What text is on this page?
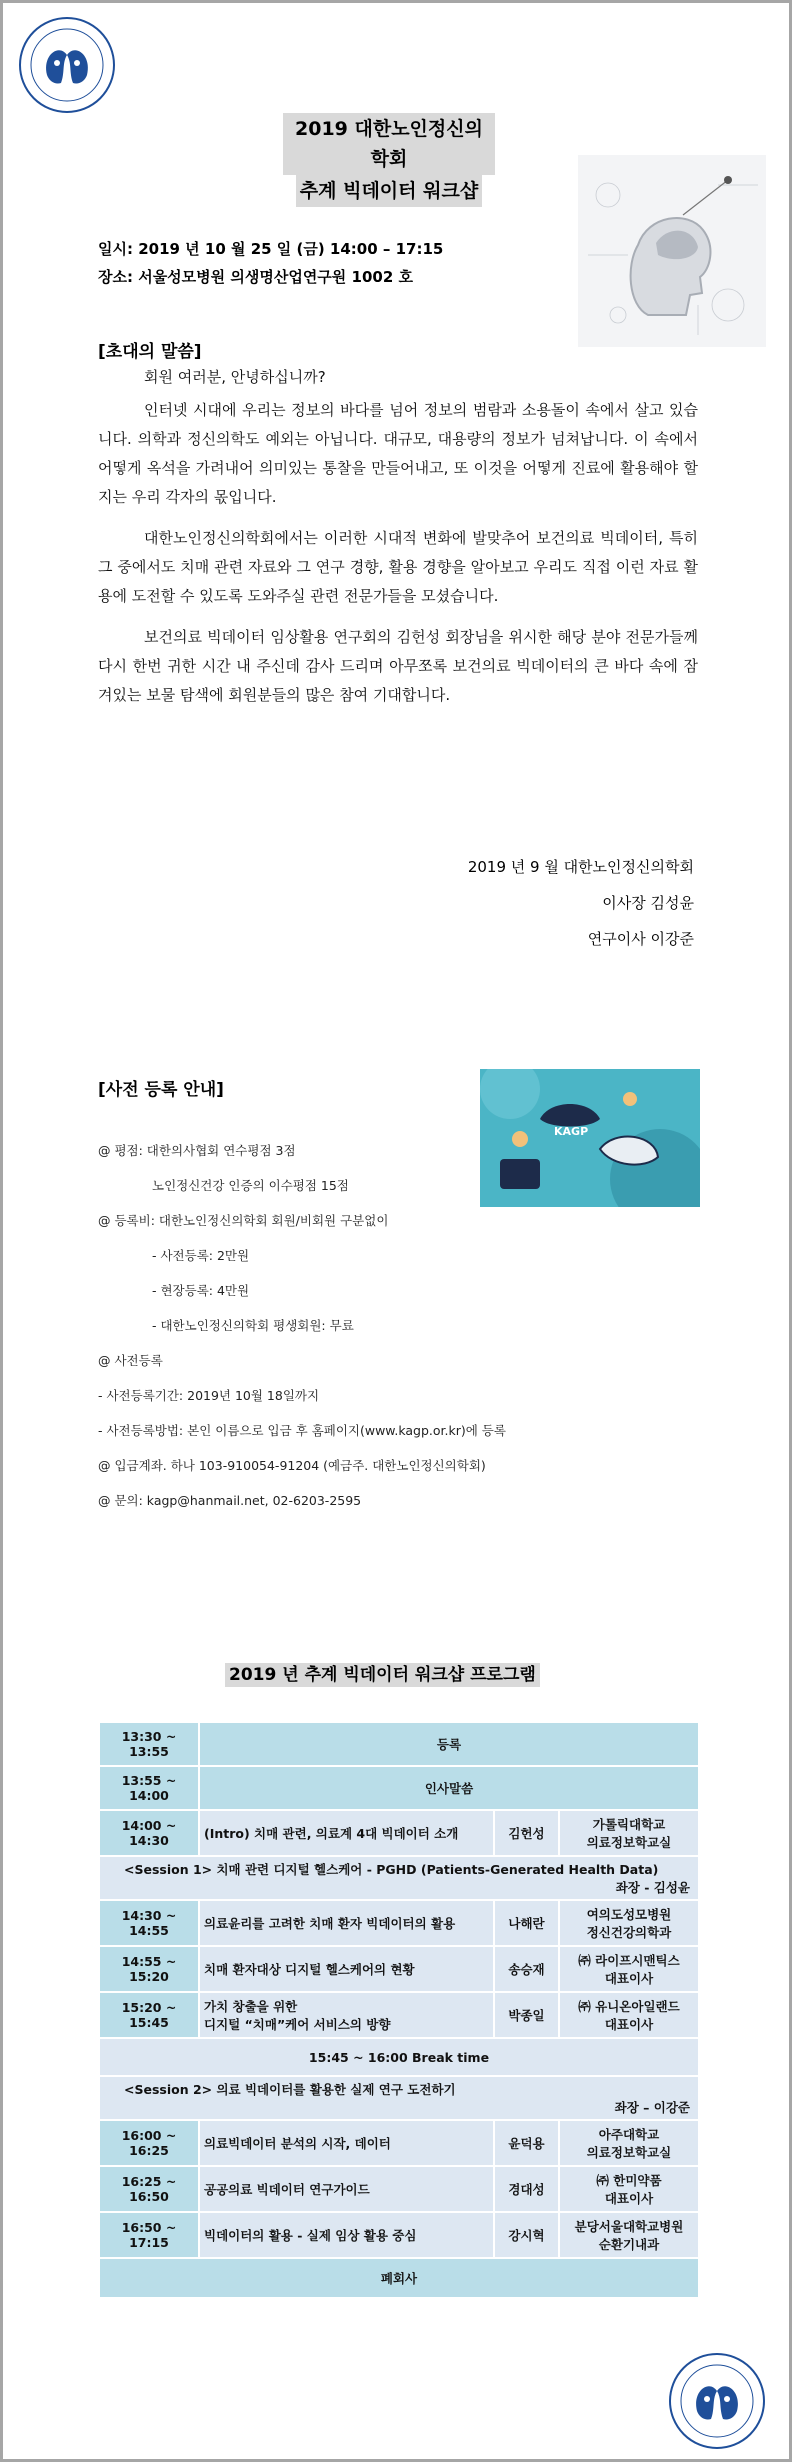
2019 대한노인정신의학회
추계 빅데이터 워크샵
일시: 2019 년 10 월 25 일 (금) 14:00 – 17:15
장소: 서울성모병원 의생명산업연구원 1002 호
[초대의 말씀]

회원 여러분, 안녕하십니까?

인터넷 시대에 우리는 정보의 바다를 넘어 정보의 범람과 소용돌이 속에서 살고 있습니다. 의학과 정신의학도 예외는 아닙니다. 대규모, 대용량의 정보가 넘쳐납니다. 이 속에서 어떻게 옥석을 가려내어 의미있는 통찰을 만들어내고, 또 이것을 어떻게 진료에 활용해야 할 지는 우리 각자의 몫입니다.

대한노인정신의학회에서는 이러한 시대적 변화에 발맞추어 보건의료 빅데이터, 특히 그 중에서도 치매 관련 자료와 그 연구 경향, 활용 경향을 알아보고 우리도 직접 이런 자료 활용에 도전할 수 있도록 도와주실 관련 전문가들을 모셨습니다.

보건의료 빅데이터 임상활용 연구회의 김헌성 회장님을 위시한 해당 분야 전문가들께 다시 한번 귀한 시간 내 주신데 감사 드리며 아무쪼록 보건의료 빅데이터의 큰 바다 속에 잠겨있는 보물 탐색에 회원분들의 많은 참여 기대합니다.

2019 년 9 월 대한노인정신의학회
이사장 김성윤
연구이사 이강준
[사전 등록 안내]
KAGP
@ 평점: 대한의사협회 연수평점 3점
노인정신건강 인증의 이수평점 15점
@ 등록비: 대한노인정신의학회 회원/비회원 구분없이
- 사전등록: 2만원
- 현장등록: 4만원
- 대한노인정신의학회 평생회원: 무료
@ 사전등록
- 사전등록기간: 2019년 10월 18일까지
- 사전등록방법: 본인 이름으로 입금 후 홈페이지(www.kagp.or.kr)에 등록
@ 입금계좌. 하나 103-910054-91204 (예금주. 대한노인정신의학회)
@ 문의: kagp@hanmail.net, 02-6203-2595
2019 년 추계 빅데이터 워크샵 프로그램
13:30 ~
13:55	등록		
13:55 ~
14:00	인사말씀		
14:00 ~
14:30	(Intro) 치매 관련, 의료계 4대 빅데이터 소개	김헌성	가톨릭대학교
의료정보학교실

<Session 1> 치매 관련 디지털 헬스케어 - PGHD (Patients-Generated Health Data)
좌장 - 김성윤			

14:30 ~
14:55	의료윤리를 고려한 치매 환자 빅데이터의 활용	나해란	여의도성모병원
정신건강의학과
14:55 ~
15:20	치매 환자대상 디지털 헬스케어의 현황	송승재	㈜ 라이프시맨틱스
대표이사
15:20 ~
15:45	가치 창출을 위한
디지털 “치매”케어 서비스의 방향	박종일	㈜ 유니온아일랜드
대표이사
15:45 ~ 16:00 Break time			

<Session 2> 의료 빅데이터를 활용한 실제 연구 도전하기
좌장 – 이강준			

16:00 ~
16:25	의료빅데이터 분석의 시작, 데이터	윤덕용	아주대학교
의료정보학교실
16:25 ~
16:50	공공의료 빅데이터 연구가이드	경대성	㈜ 한미약품
대표이사
16:50 ~
17:15	빅데이터의 활용 - 실제 임상 활용 중심	강시혁	분당서울대학교병원
순환기내과
폐회사			
